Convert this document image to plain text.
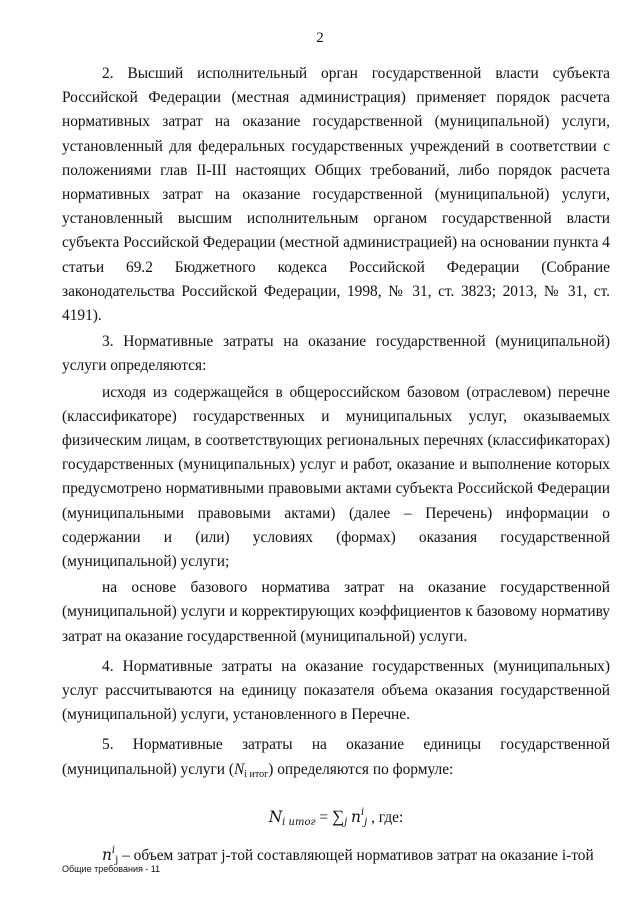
2

2. Высший исполнительный орган государственной власти субъекта Российской Федерации (местная администрация) применяет порядок расчета нормативных затрат на оказание государственной (муниципальной) услуги, установленный для федеральных государственных учреждений в соответствии с положениями глав II-III настоящих Общих требований, либо порядок расчета нормативных затрат на оказание государственной (муниципальной) услуги, установленный высшим исполнительным органом государственной власти субъекта Российской Федерации (местной администрацией) на основании пункта 4 статьи 69.2 Бюджетного кодекса Российской Федерации (Собрание законодательства Российской Федерации, 1998, № 31, ст. 3823; 2013, № 31, ст. 4191).

3. Нормативные затраты на оказание государственной (муниципальной) услуги определяются:

исходя из содержащейся в общероссийском базовом (отраслевом) перечне (классификаторе) государственных и муниципальных услуг, оказываемых физическим лицам, в соответствующих региональных перечнях (классификаторах) государственных (муниципальных) услуг и работ, оказание и выполнение которых предусмотрено нормативными правовыми актами субъекта Российской Федерации (муниципальными правовыми актами) (далее – Перечень) информации о содержании и (или) условиях (формах) оказания государственной (муниципальной) услуги;

на основе базового норматива затрат на оказание государственной (муниципальной) услуги и корректирующих коэффициентов к базовому нормативу затрат на оказание государственной (муниципальной) услуги.

4. Нормативные затраты на оказание государственных (муниципальных) услуг рассчитываются на единицу показателя объема оказания государственной (муниципальной) услуги, установленного в Перечне.

5. Нормативные затраты на оказание единицы государственной (муниципальной) услуги $(N_{i итог})$ определяются по формуле:

$N_{i итог} = \sum_j$ $n^i_j$ , где:

$n^i_j$ – объем затрат j-той составляющей нормативов затрат на оказание i-той

Общие требования - 11
